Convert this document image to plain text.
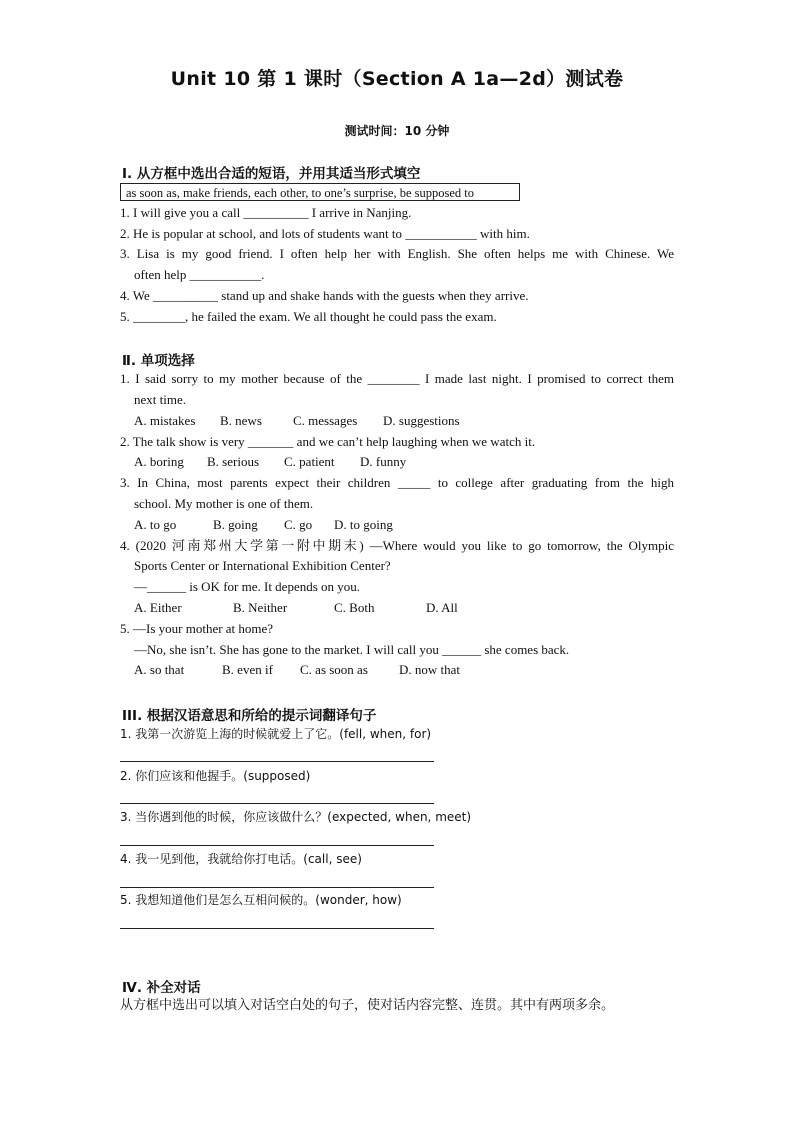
Unit 10 第 1 课时（Section A 1a—2d）测试卷
测试时间：10 分钟
Ⅰ. 从方框中选出合适的短语，并用其适当形式填空
as soon as, make friends, each other, to one’s surprise, be supposed to
1. I will give you a call __________ I arrive in Nanjing.
2. He is popular at school, and lots of students want to ___________ with him.
3. Lisa is my good friend. I often help her with English. She often helps me with Chinese. We
often help ___________.
4. We __________ stand up and shake hands with the guests when they arrive.
5. ________, he failed the exam. We all thought he could pass the exam.
Ⅱ. 单项选择
1. I said sorry to my mother because of the ________ I made last night. I promised to correct them
next time.
A. mistakes B. news C. messages D. suggestions
2. The talk show is very _______ and we can’t help laughing when we watch it.
A. boring B. serious C. patient D. funny
3. In China, most parents expect their children _____ to college after graduating from the high
school. My mother is one of them.
A. to go	B. going C. go D. to going
4. (2020 河南郑州大学第一附中期末) —Where would you like to go tomorrow, the Olympic
Sports Center or International Exhibition Center?
—______ is OK for me. It depends on you.
A. Either	B. Neither	C. Both	D. All
5. —Is your mother at home?
—No, she isn’t. She has gone to the market. I will call you ______ she comes back.
A. so that	B. even if C. as soon as D. now that
III. 根据汉语意思和所给的提示词翻译句子
1. 我第一次游览上海的时候就爱上了它。(fell, when, for)
2. 你们应该和他握手。(supposed)
3. 当你遇到他的时候，你应该做什么？(expected, when, meet)
4. 我一见到他，我就给你打电话。(call, see)
5. 我想知道他们是怎么互相问候的。(wonder, how)
Ⅳ. 补全对话
从方框中选出可以填入对话空白处的句子，使对话内容完整、连贯。其中有两项多余。
